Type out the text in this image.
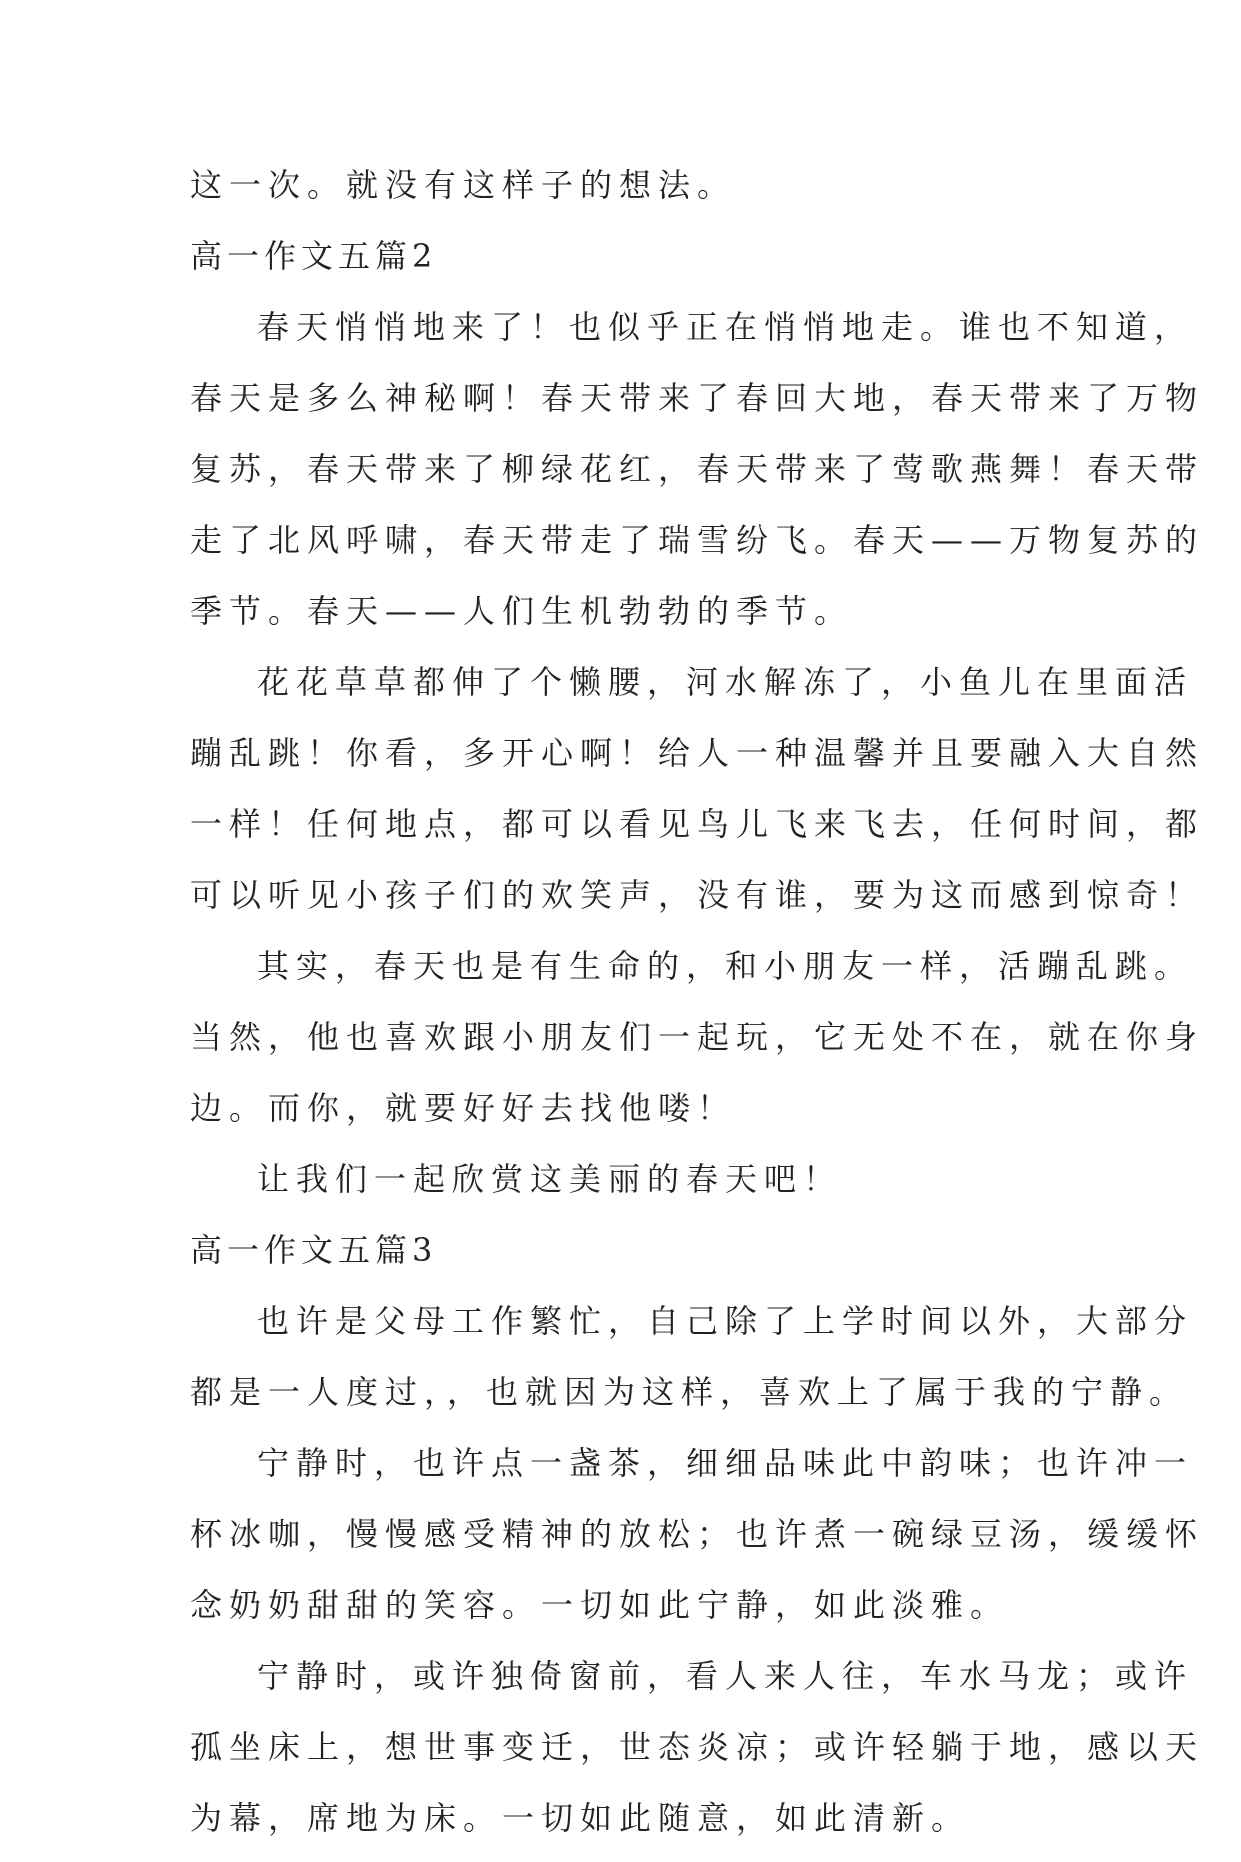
这一次。就没有这样子的想法。
高一作文五篇2
春天悄悄地来了！也似乎正在悄悄地走。谁也不知道，
春天是多么神秘啊！春天带来了春回大地，春天带来了万物
复苏，春天带来了柳绿花红，春天带来了莺歌燕舞！春天带
走了北风呼啸，春天带走了瑞雪纷飞。春天——万物复苏的
季节。春天——人们生机勃勃的季节。
花花草草都伸了个懒腰，河水解冻了，小鱼儿在里面活
蹦乱跳！你看，多开心啊！给人一种温馨并且要融入大自然
一样！任何地点，都可以看见鸟儿飞来飞去，任何时间，都
可以听见小孩子们的欢笑声，没有谁，要为这而感到惊奇！
其实，春天也是有生命的，和小朋友一样，活蹦乱跳。
当然，他也喜欢跟小朋友们一起玩，它无处不在，就在你身
边。而你，就要好好去找他喽！
让我们一起欣赏这美丽的春天吧！
高一作文五篇3
也许是父母工作繁忙，自己除了上学时间以外，大部分
都是一人度过，，也就因为这样，喜欢上了属于我的宁静。
宁静时，也许点一盏茶，细细品味此中韵味；也许冲一
杯冰咖，慢慢感受精神的放松；也许煮一碗绿豆汤，缓缓怀
念奶奶甜甜的笑容。一切如此宁静，如此淡雅。
宁静时，或许独倚窗前，看人来人往，车水马龙；或许
孤坐床上，想世事变迁，世态炎凉；或许轻躺于地，感以天
为幕，席地为床。一切如此随意，如此清新。
